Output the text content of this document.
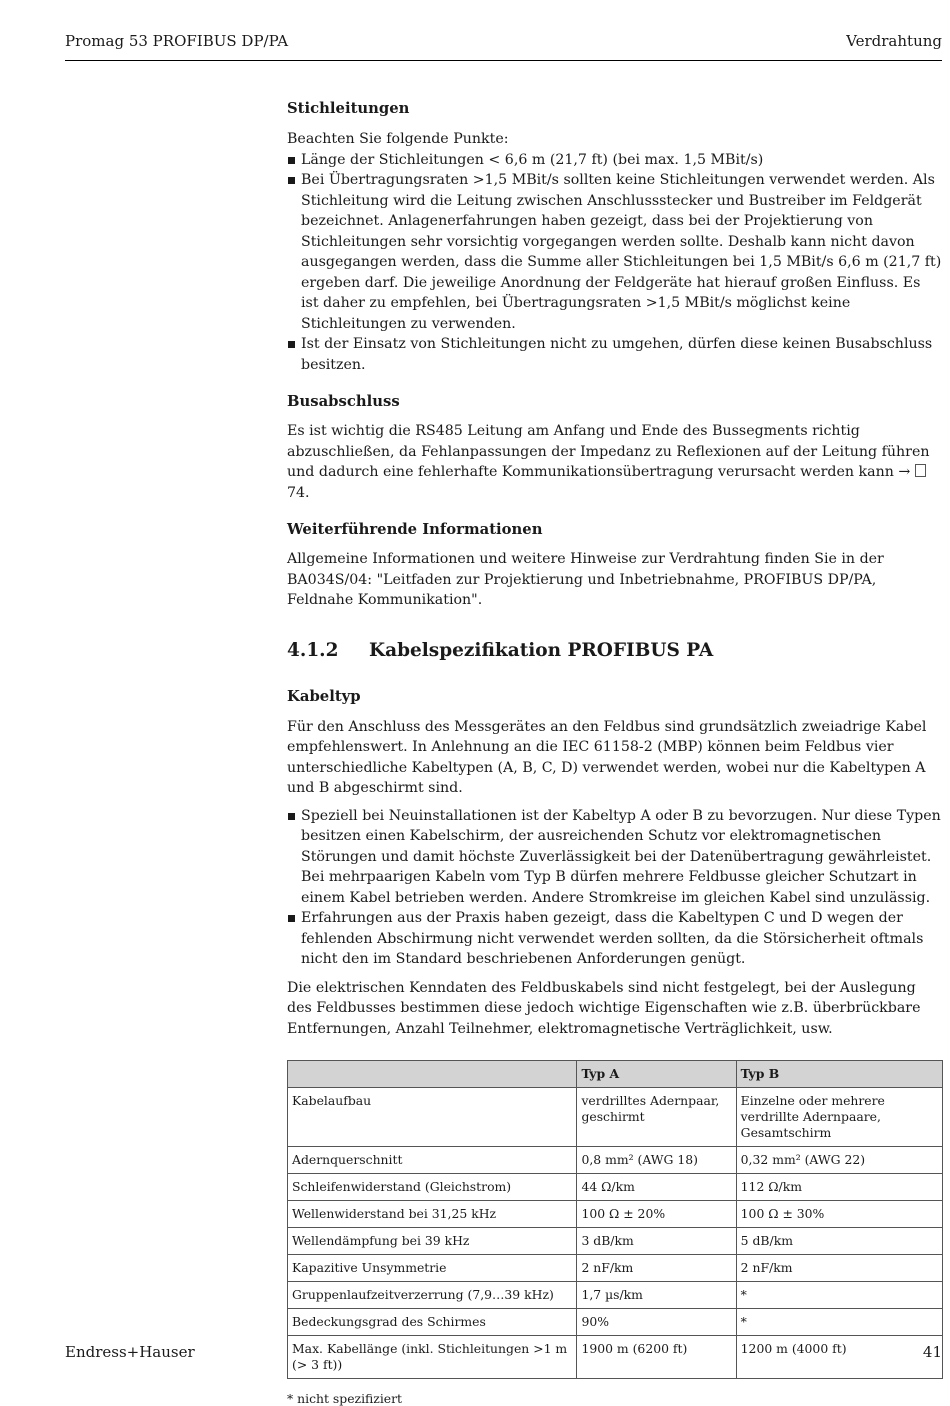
Promag 53 PROFIBUS DP/PA	Verdrahtung
Stichleitungen

Beachten Sie folgende Punkte:

Länge der Stichleitungen < 6,6 m (21,7 ft) (bei max. 1,5 MBit/s)
Bei Übertragungsraten >1,5 MBit/s sollten keine Stichleitungen verwendet werden. Als Stichleitung wird die Leitung zwischen Anschlussstecker und Bustreiber im Feldgerät bezeichnet. Anlagenerfahrungen haben gezeigt, dass bei der Projektierung von Stichleitungen sehr vorsichtig vorgegangen werden sollte. Deshalb kann nicht davon ausgegangen werden, dass die Summe aller Stichleitungen bei 1,5 MBit/s 6,6 m (21,7 ft) ergeben darf. Die jeweilige Anordnung der Feldgeräte hat hierauf großen Einfluss. Es ist daher zu empfehlen, bei Übertragungsraten >1,5 MBit/s möglichst keine Stichleitungen zu verwenden.
Ist der Einsatz von Stichleitungen nicht zu umgehen, dürfen diese keinen Busabschluss besitzen.
Busabschluss

Es ist wichtig die RS485 Leitung am Anfang und Ende des Bussegments richtig abzuschließen, da Fehlanpassungen der Impedanz zu Reflexionen auf der Leitung führen und dadurch eine fehlerhafte Kommunikationsübertragung verursacht werden kann → 74.

Weiterführende Informationen

Allgemeine Informationen und weitere Hinweise zur Verdrahtung finden Sie in der BA034S/04: "Leitfaden zur Projektierung und Inbetriebnahme, PROFIBUS DP/PA, Feldnahe Kommunikation".

4.1.2 Kabelspezifikation PROFIBUS PA
Kabeltyp

Für den Anschluss des Messgerätes an den Feldbus sind grundsätzlich zweiadrige Kabel empfehlenswert. In Anlehnung an die IEC 61158-2 (MBP) können beim Feldbus vier unterschiedliche Kabeltypen (A, B, C, D) verwendet werden, wobei nur die Kabeltypen A und B abgeschirmt sind.

Speziell bei Neuinstallationen ist der Kabeltyp A oder B zu bevorzugen. Nur diese Typen besitzen einen Kabelschirm, der ausreichenden Schutz vor elektromagnetischen Störungen und damit höchste Zuverlässigkeit bei der Datenübertragung gewährleistet. Bei mehrpaarigen Kabeln vom Typ B dürfen mehrere Feldbusse gleicher Schutzart in einem Kabel betrieben werden. Andere Stromkreise im gleichen Kabel sind unzulässig.
Erfahrungen aus der Praxis haben gezeigt, dass die Kabeltypen C und D wegen der fehlenden Abschirmung nicht verwendet werden sollten, da die Störsicherheit oftmals nicht den im Standard beschriebenen Anforderungen genügt.

Die elektrischen Kenndaten des Feldbuskabels sind nicht festgelegt, bei der Auslegung des Feldbusses bestimmen diese jedoch wichtige Eigenschaften wie z.B. überbrückbare Entfernungen, Anzahl Teilnehmer, elektromagnetische Verträglichkeit, usw.

	Typ A	Typ B
Kabelaufbau	verdrilltes Adernpaar, geschirmt	Einzelne oder mehrere verdrillte Adernpaare, Gesamtschirm
Adernquerschnitt	0,8 mm² (AWG 18)	0,32 mm² (AWG 22)
Schleifenwiderstand (Gleichstrom)	44 Ω/km	112 Ω/km
Wellenwiderstand bei 31,25 kHz	100 Ω ± 20%	100 Ω ± 30%
Wellendämpfung bei 39 kHz	3 dB/km	5 dB/km
Kapazitive Unsymmetrie	2 nF/km	2 nF/km
Gruppenlaufzeitverzerrung (7,9…39 kHz)	1,7 µs/km	*
Bedeckungsgrad des Schirmes	90%	*
Max. Kabellänge (inkl. Stichleitungen >1 m (> 3 ft))	1900 m (6200 ft)	1200 m (4000 ft)
* nicht spezifiziert
Endress+Hauser	41
